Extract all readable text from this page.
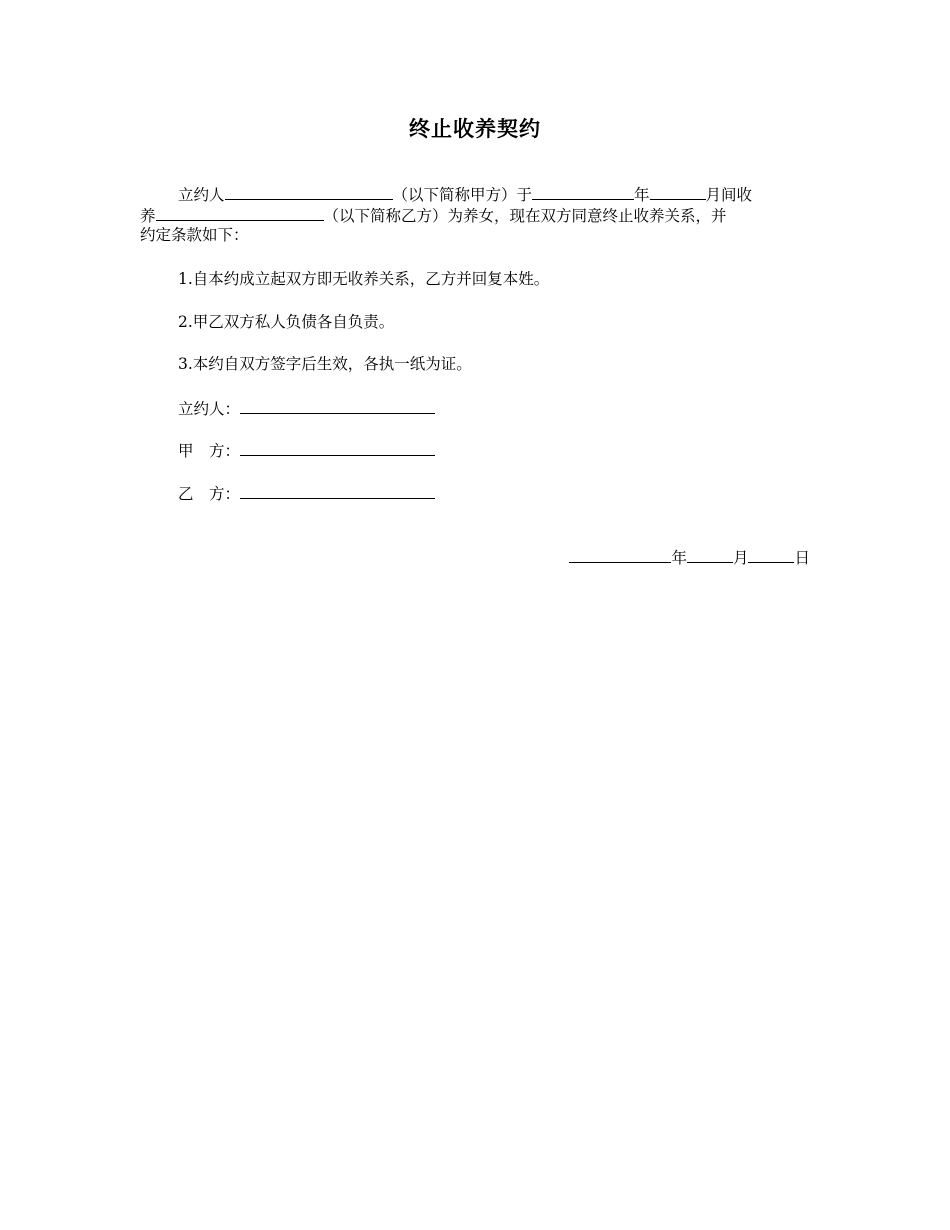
终止收养契约
立约人	（以下简称甲方）于	年	月间收
养	（以下简称乙方）为养女，现在双方同意终止收养关系，并
约定条款如下：
1.自本约成立起双方即无收养关系，乙方并回复本姓。
2.甲乙双方私人负债各自负责。
3.本约自双方签字后生效，各执一纸为证。
立约人：
甲　方：
乙　方：
年	月	日
